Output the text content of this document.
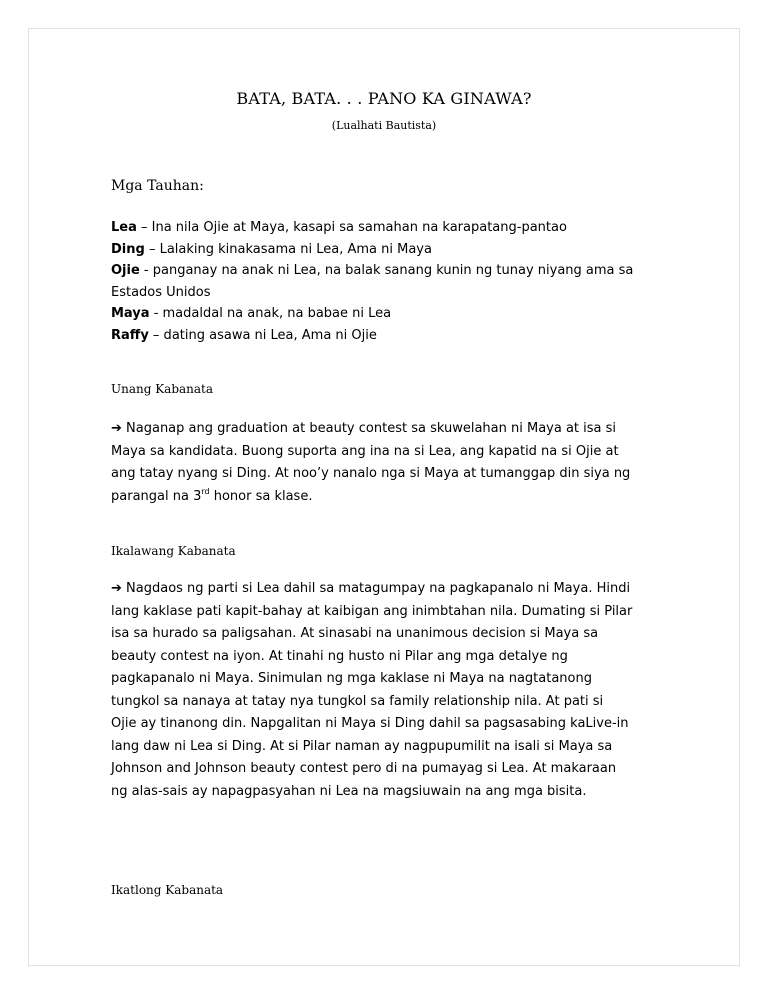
BATA, BATA. . . PANO KA GINAWA?
(Lualhati Bautista)
Mga Tauhan:
Lea – Ina nila Ojie at Maya, kasapi sa samahan na karapatang-pantao
Ding – Lalaking kinakasama ni Lea, Ama ni Maya
Ojie - panganay na anak ni Lea, na balak sanang kunin ng tunay niyang ama sa
Estados Unidos
Maya - madaldal na anak, na babae ni Lea
Raffy – dating asawa ni Lea, Ama ni Ojie
Unang Kabanata
➔ Naganap ang graduation at beauty contest sa skuwelahan ni Maya at isa si
Maya sa kandidata. Buong suporta ang ina na si Lea, ang kapatid na si Ojie at
ang tatay nyang si Ding. At noo’y nanalo nga si Maya at tumanggap din siya ng
parangal na 3rd honor sa klase.
Ikalawang Kabanata
➔ Nagdaos ng parti si Lea dahil sa matagumpay na pagkapanalo ni Maya. Hindi
lang kaklase pati kapit-bahay at kaibigan ang inimbtahan nila. Dumating si Pilar
isa sa hurado sa paligsahan. At sinasabi na unanimous decision si Maya sa
beauty contest na iyon. At tinahi ng husto ni Pilar ang mga detalye ng
pagkapanalo ni Maya. Sinimulan ng mga kaklase ni Maya na nagtatanong
tungkol sa nanaya at tatay nya tungkol sa family relationship nila. At pati si
Ojie ay tinanong din. Napgalitan ni Maya si Ding dahil sa pagsasabing kaLive-in
lang daw ni Lea si Ding. At si Pilar naman ay nagpupumilit na isali si Maya sa
Johnson and Johnson beauty contest pero di na pumayag si Lea. At makaraan
ng alas-sais ay napagpasyahan ni Lea na magsiuwain na ang mga bisita.
Ikatlong Kabanata
